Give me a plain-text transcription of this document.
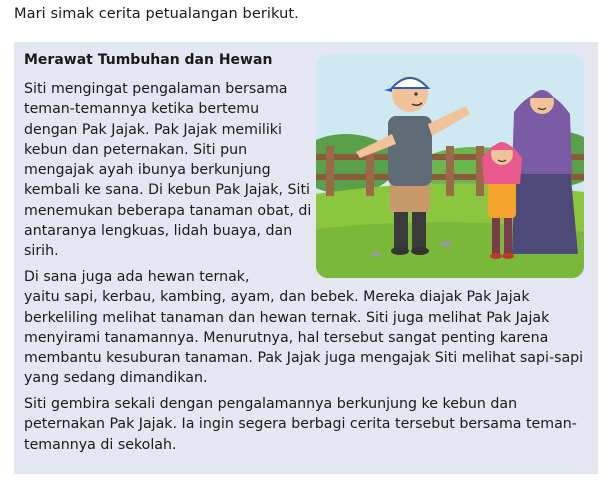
Mari simak cerita petualangan berikut.
Merawat Tumbuhan dan Hewan

Siti mengingat pengalaman bersama teman-temannya ketika bertemu dengan Pak Jajak. Pak Jajak memiliki kebun dan peternakan. Siti pun mengajak ayah ibunya berkunjung kembali ke sana. Di kebun Pak Jajak, Siti menemukan beberapa tanaman obat, di antaranya lengkuas, lidah buaya, dan sirih.

Di sana juga ada hewan ternak,
yaitu sapi, kerbau, kambing, ayam, dan bebek. Mereka diajak Pak Jajak berkeliling melihat tanaman dan hewan ternak. Siti juga melihat Pak Jajak menyirami tanamannya. Menurutnya, hal tersebut sangat penting karena membantu kesuburan tanaman. Pak Jajak juga mengajak Siti melihat sapi-sapi yang sedang dimandikan.

Siti gembira sekali dengan pengalamannya berkunjung ke kebun dan peternakan Pak Jajak. Ia ingin segera berbagi cerita tersebut bersama teman-temannya di sekolah.
